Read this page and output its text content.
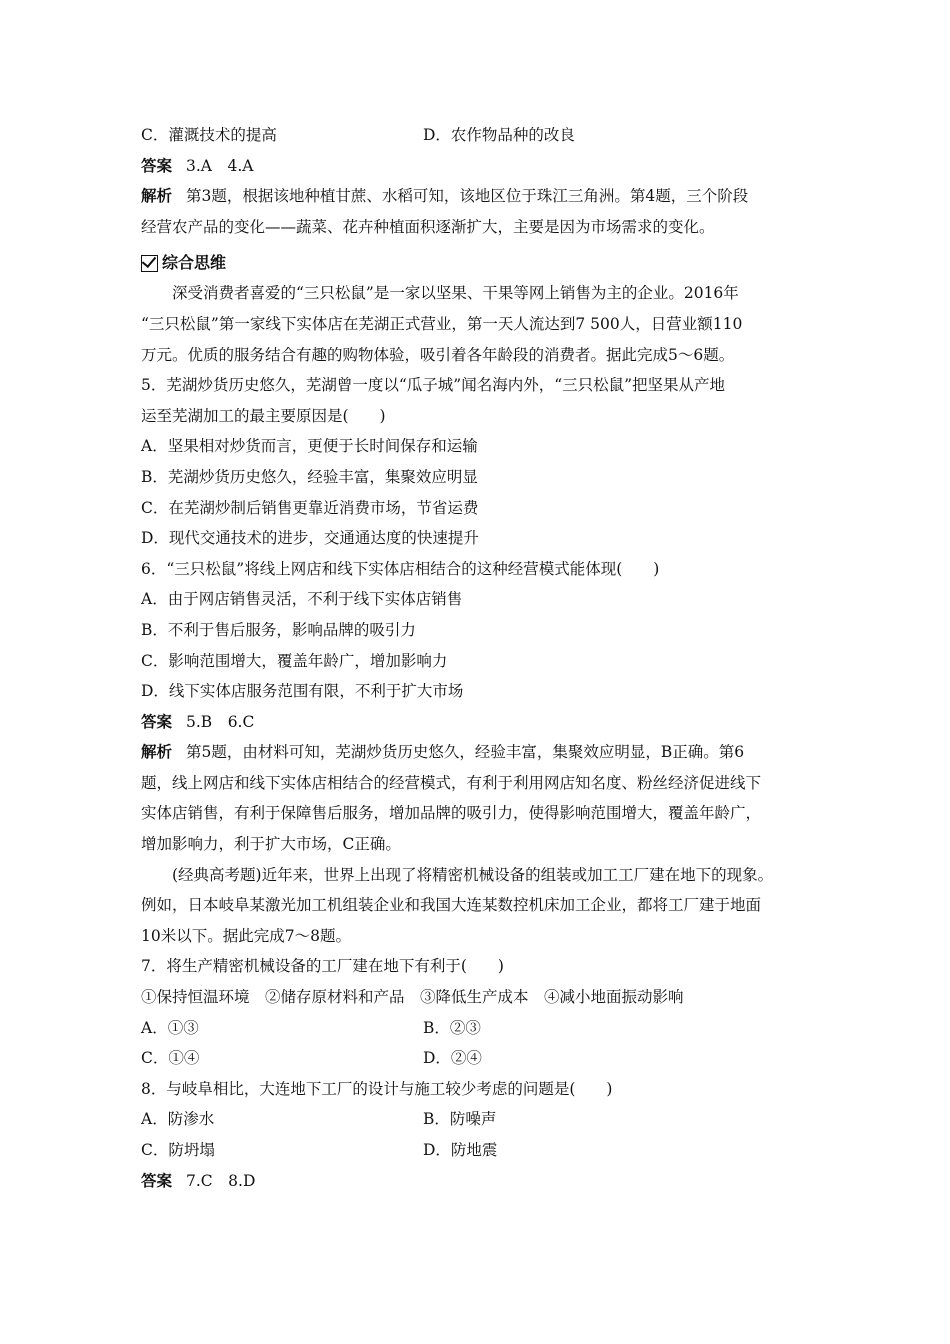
C．灌溉技术的提高	D．农作物品种的改良
答案 3.A　4.A
解析 第3题，根据该地种植甘蔗、水稻可知，该地区位于珠江三角洲。第4题，三个阶段
经营农产品的变化——蔬菜、花卉种植面积逐渐扩大，主要是因为市场需求的变化。
综合思维
深受消费者喜爱的“三只松鼠”是一家以坚果、干果等网上销售为主的企业。2016年
“三只松鼠”第一家线下实体店在芜湖正式营业，第一天人流达到7 500人，日营业额110
万元。优质的服务结合有趣的购物体验，吸引着各年龄段的消费者。据此完成5～6题。
5．芜湖炒货历史悠久，芜湖曾一度以“瓜子城”闻名海内外，“三只松鼠”把坚果从产地
运至芜湖加工的最主要原因是(　　)
A．坚果相对炒货而言，更便于长时间保存和运输
B．芜湖炒货历史悠久，经验丰富，集聚效应明显
C．在芜湖炒制后销售更靠近消费市场，节省运费
D．现代交通技术的进步，交通通达度的快速提升
6．“三只松鼠”将线上网店和线下实体店相结合的这种经营模式能体现(　　)
A．由于网店销售灵活，不利于线下实体店销售
B．不利于售后服务，影响品牌的吸引力
C．影响范围增大，覆盖年龄广，增加影响力
D．线下实体店服务范围有限，不利于扩大市场
答案 5.B　6.C
解析 第5题，由材料可知，芜湖炒货历史悠久，经验丰富，集聚效应明显，B正确。第6
题，线上网店和线下实体店相结合的经营模式，有利于利用网店知名度、粉丝经济促进线下
实体店销售，有利于保障售后服务，增加品牌的吸引力，使得影响范围增大，覆盖年龄广，
增加影响力，利于扩大市场，C正确。
(经典高考题)近年来，世界上出现了将精密机械设备的组装或加工工厂建在地下的现象。
例如，日本岐阜某激光加工机组装企业和我国大连某数控机床加工企业，都将工厂建于地面
10米以下。据此完成7～8题。
7．将生产精密机械设备的工厂建在地下有利于(　　)
①保持恒温环境　②储存原材料和产品　③降低生产成本　④减小地面振动影响
A．①③	B．②③
C．①④	D．②④
8．与岐阜相比，大连地下工厂的设计与施工较少考虑的问题是(　　)
A．防渗水	B．防噪声
C．防坍塌	D．防地震
答案 7.C　8.D
